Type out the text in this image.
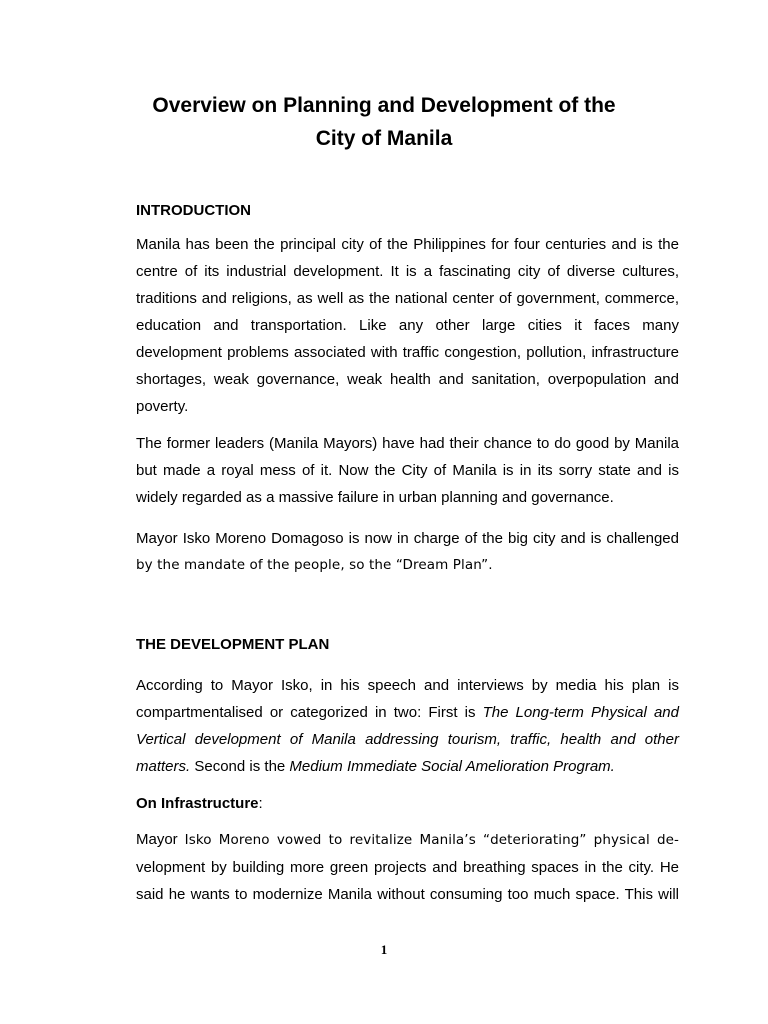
Overview on Planning and Development of the
City of Manila
INTRODUCTION
Manila has been the principal city of the Philippines for four centuries and is the
centre of its industrial development. It is a fascinating city of diverse cultures,
traditions and religions, as well as the national center of government, commerce,
education and transportation. Like any other large cities it faces many
development problems associated with traffic congestion, pollution, infrastructure
shortages, weak governance, weak health and sanitation, overpopulation and
poverty.
The former leaders (Manila Mayors) have had their chance to do good by Manila
but made a royal mess of it. Now the City of Manila is in its sorry state and is
widely regarded as a massive failure in urban planning and governance.
Mayor Isko Moreno Domagoso is now in charge of the big city and is challenged
by the mandate of the people, so the “Dream Plan”.
THE DEVELOPMENT PLAN
According to Mayor Isko, in his speech and interviews by media his plan is
compartmentalised or categorized in two: First is The Long-term Physical and
Vertical development of Manila addressing tourism, traffic, health and other
matters. Second is the Medium Immediate Social Amelioration Program.
On Infrastructure:
Mayor Isko Moreno vowed to revitalize Manila’s “deteriorating” physical de-
velopment by building more green projects and breathing spaces in the city. He
said he wants to modernize Manila without consuming too much space. This will
1
